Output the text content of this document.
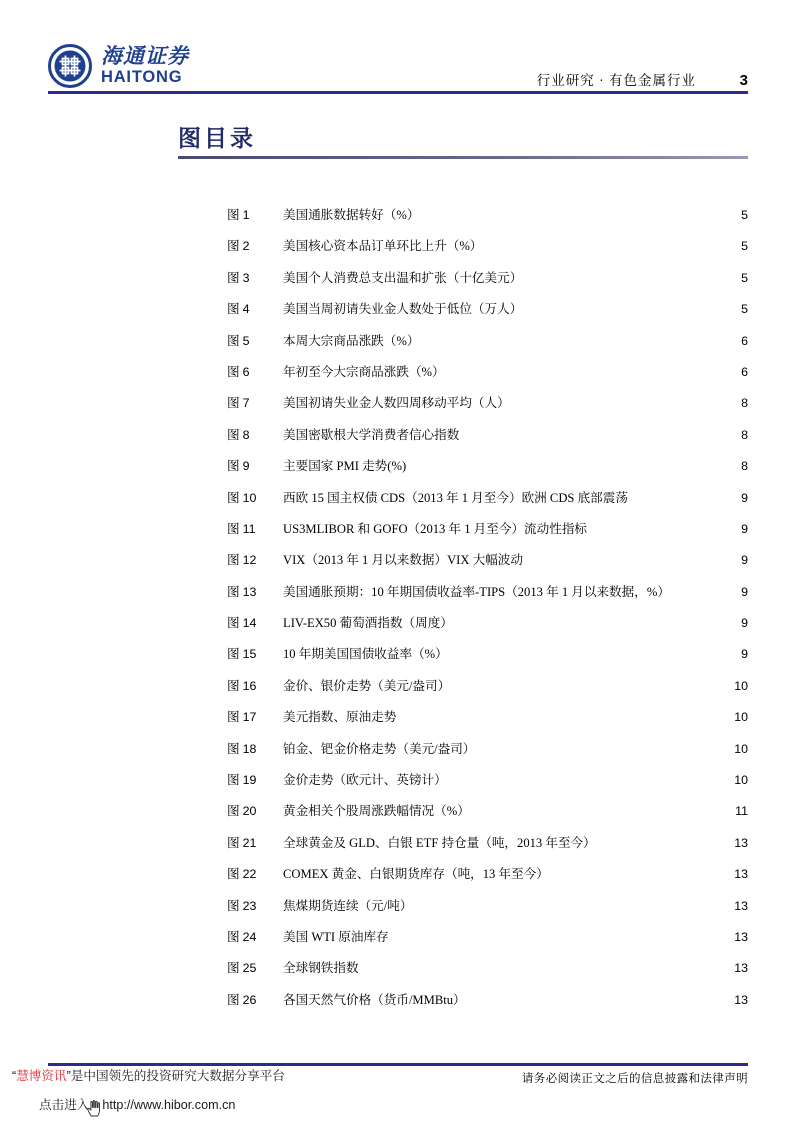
海通证券
HAITONG	行业研究 · 有色金属行业	3
图目录
图 1	美国通胀数据转好（%） .....	5
图 2	美国核心资本品订单环比上升（%） .....	5
图 3	美国个人消费总支出温和扩张（十亿美元） .....	5
图 4	美国当周初请失业金人数处于低位（万人） .....	5
图 5	本周大宗商品涨跌（%） .....	6
图 6	年初至今大宗商品涨跌（%） .....	6
图 7	美国初请失业金人数四周移动平均（人） .....	8
图 8	美国密歇根大学消费者信心指数 .....	8
图 9	主要国家 PMI 走势(%) .....	8
图 10	西欧 15 国主权债 CDS（2013 年 1 月至今）欧洲 CDS 底部震荡 .....	9
图 11	US3MLIBOR 和 GOFO（2013 年 1 月至今）流动性指标 .....	9
图 12	VIX（2013 年 1 月以来数据）VIX 大幅波动 .....	9
图 13	美国通胀预期：10 年期国债收益率-TIPS（2013 年 1 月以来数据，%） .....	9
图 14	LIV-EX50 葡萄酒指数（周度） .....	9
图 15	10 年期美国国债收益率（%） .....	9
图 16	金价、银价走势（美元/盎司） .....	10
图 17	美元指数、原油走势 .....	10
图 18	铂金、钯金价格走势（美元/盎司） .....	10
图 19	金价走势（欧元计、英镑计） .....	10
图 20	黄金相关个股周涨跌幅情况（%） .....	11
图 21	全球黄金及 GLD、白银 ETF 持仓量（吨，2013 年至今） .....	13
图 22	COMEX 黄金、白银期货库存（吨，13 年至今） .....	13
图 23	焦煤期货连续（元/吨） .....	13
图 24	美国 WTI 原油库存 .....	13
图 25	全球钢铁指数 .....	13
图 26	各国天然气价格（货币/MMBtu） .....	13
请务必阅读正文之后的信息披露和法律声明
“慧博资讯”是中国领先的投资研究大数据分享平台
点击进入 http://www.hibor.com.cn
